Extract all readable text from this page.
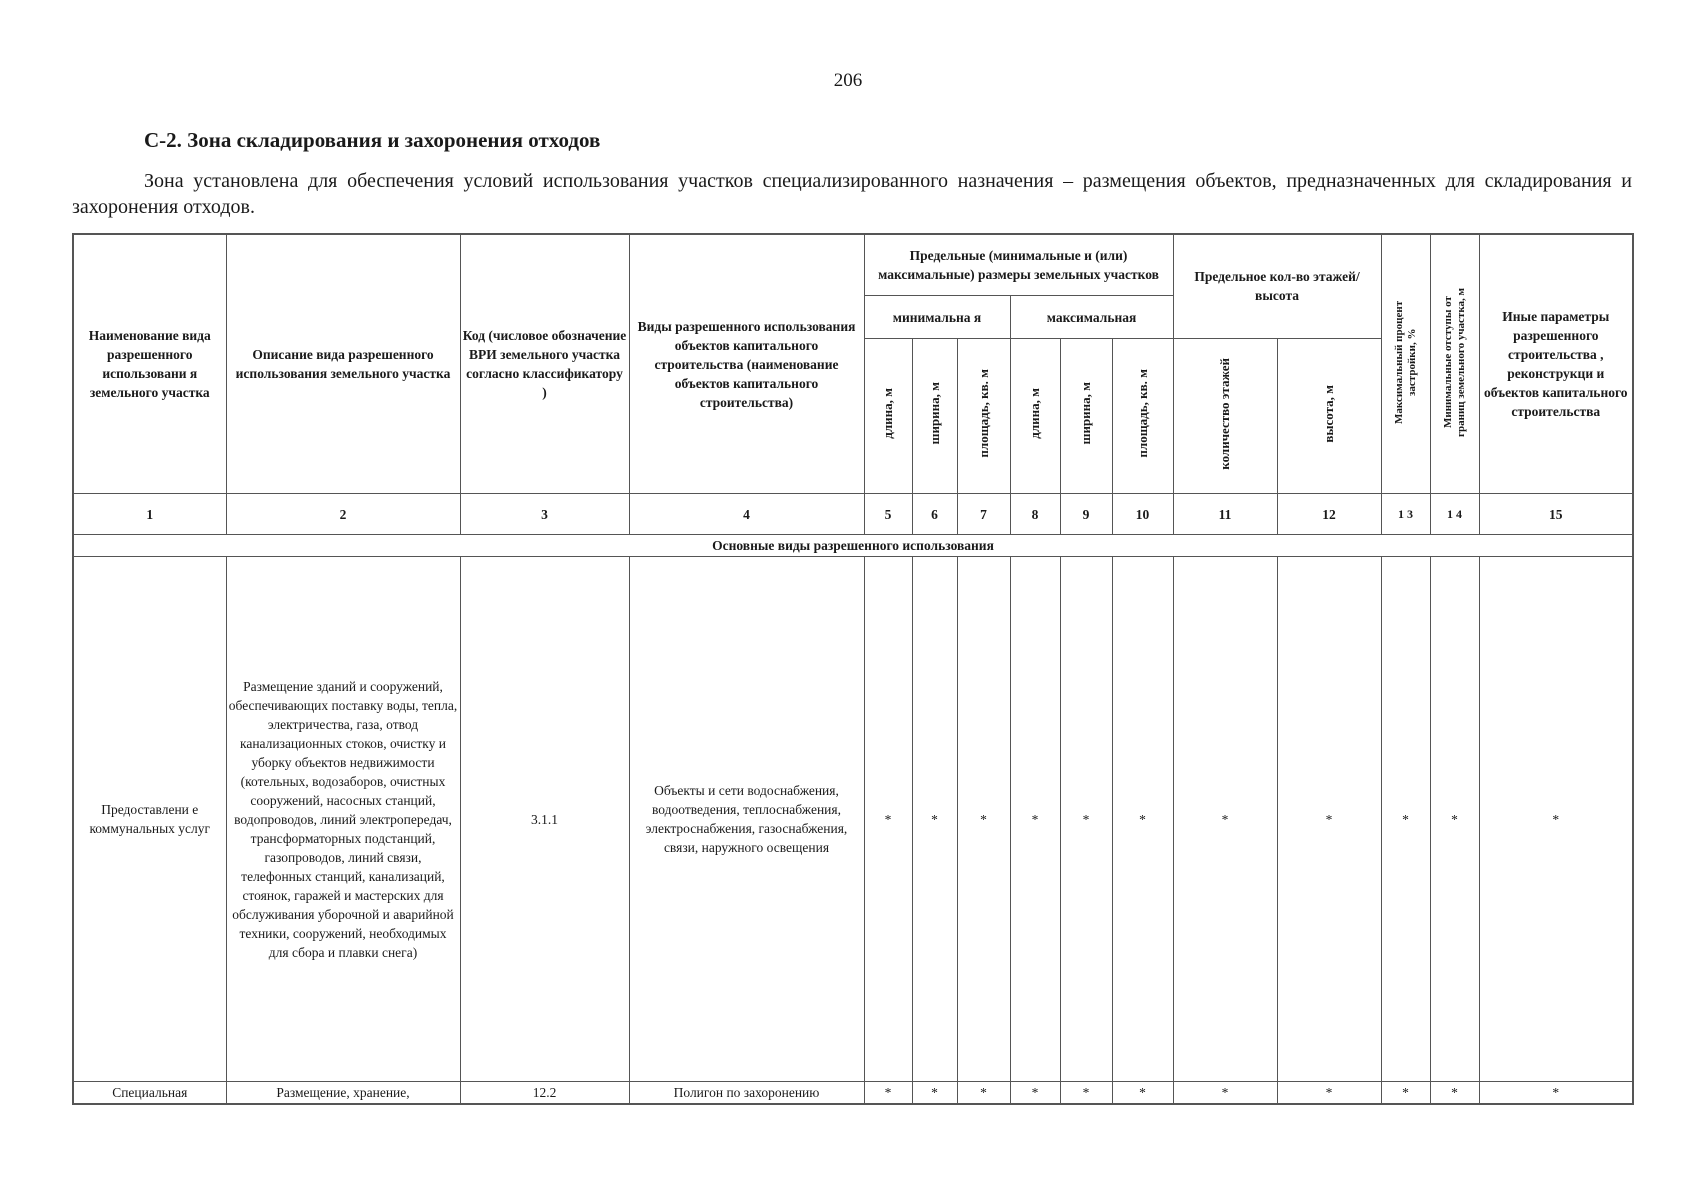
206
С-2. Зона складирования и захоронения отходов
Зона установлена для обеспечения условий использования участков специализированного назначения – размещения объектов, предназначенных для складирования и захоронения отходов.
Наименование вида разрешенного использовани я земельного участка	Описание вида разрешенного использования земельного участка	Код (числовое обозначение ВРИ земельного участка согласно классификатору )	Виды разрешенного использования объектов капитального строительства (наименование объектов капитального строительства)	Предельные (минимальные и (или) максимальные) размеры земельных участков						Предельное кол-во этажей/высота		Максимальный процент застройки, %	Минимальные отступы от границ земельного участка, м	Иные параметры разрешенного строительства , реконструкци и объектов капитального строительства
				минимальна я			максимальная							
				длина, м	ширина, м	площадь, кв. м	длина, м	ширина, м	площадь, кв. м	количество этажей	высота, м			
1	2	3	4	5	6	7	8	9	10	11	12	1 3	1 4	15
Основные виды разрешенного использования														
Предоставлени е коммунальных услуг	Размещение зданий и сооружений, обеспечивающих поставку воды, тепла, электричества, газа, отвод канализационных стоков, очистку и уборку объектов недвижимости (котельных, водозаборов, очистных сооружений, насосных станций, водопроводов, линий электропередач, трансформаторных подстанций, газопроводов, линий связи, телефонных станций, канализаций, стоянок, гаражей и мастерских для обслуживания уборочной и аварийной техники, сооружений, необходимых для сбора и плавки снега)	3.1.1	Объекты и сети водоснабжения, водоотведения, теплоснабжения, электроснабжения, газоснабжения, связи, наружного освещения	*	*	*	*	*	*	*	*	*	*	*
Специальная	Размещение, хранение,	12.2	Полигон по захоронению	*	*	*	*	*	*	*	*	*	*	*
